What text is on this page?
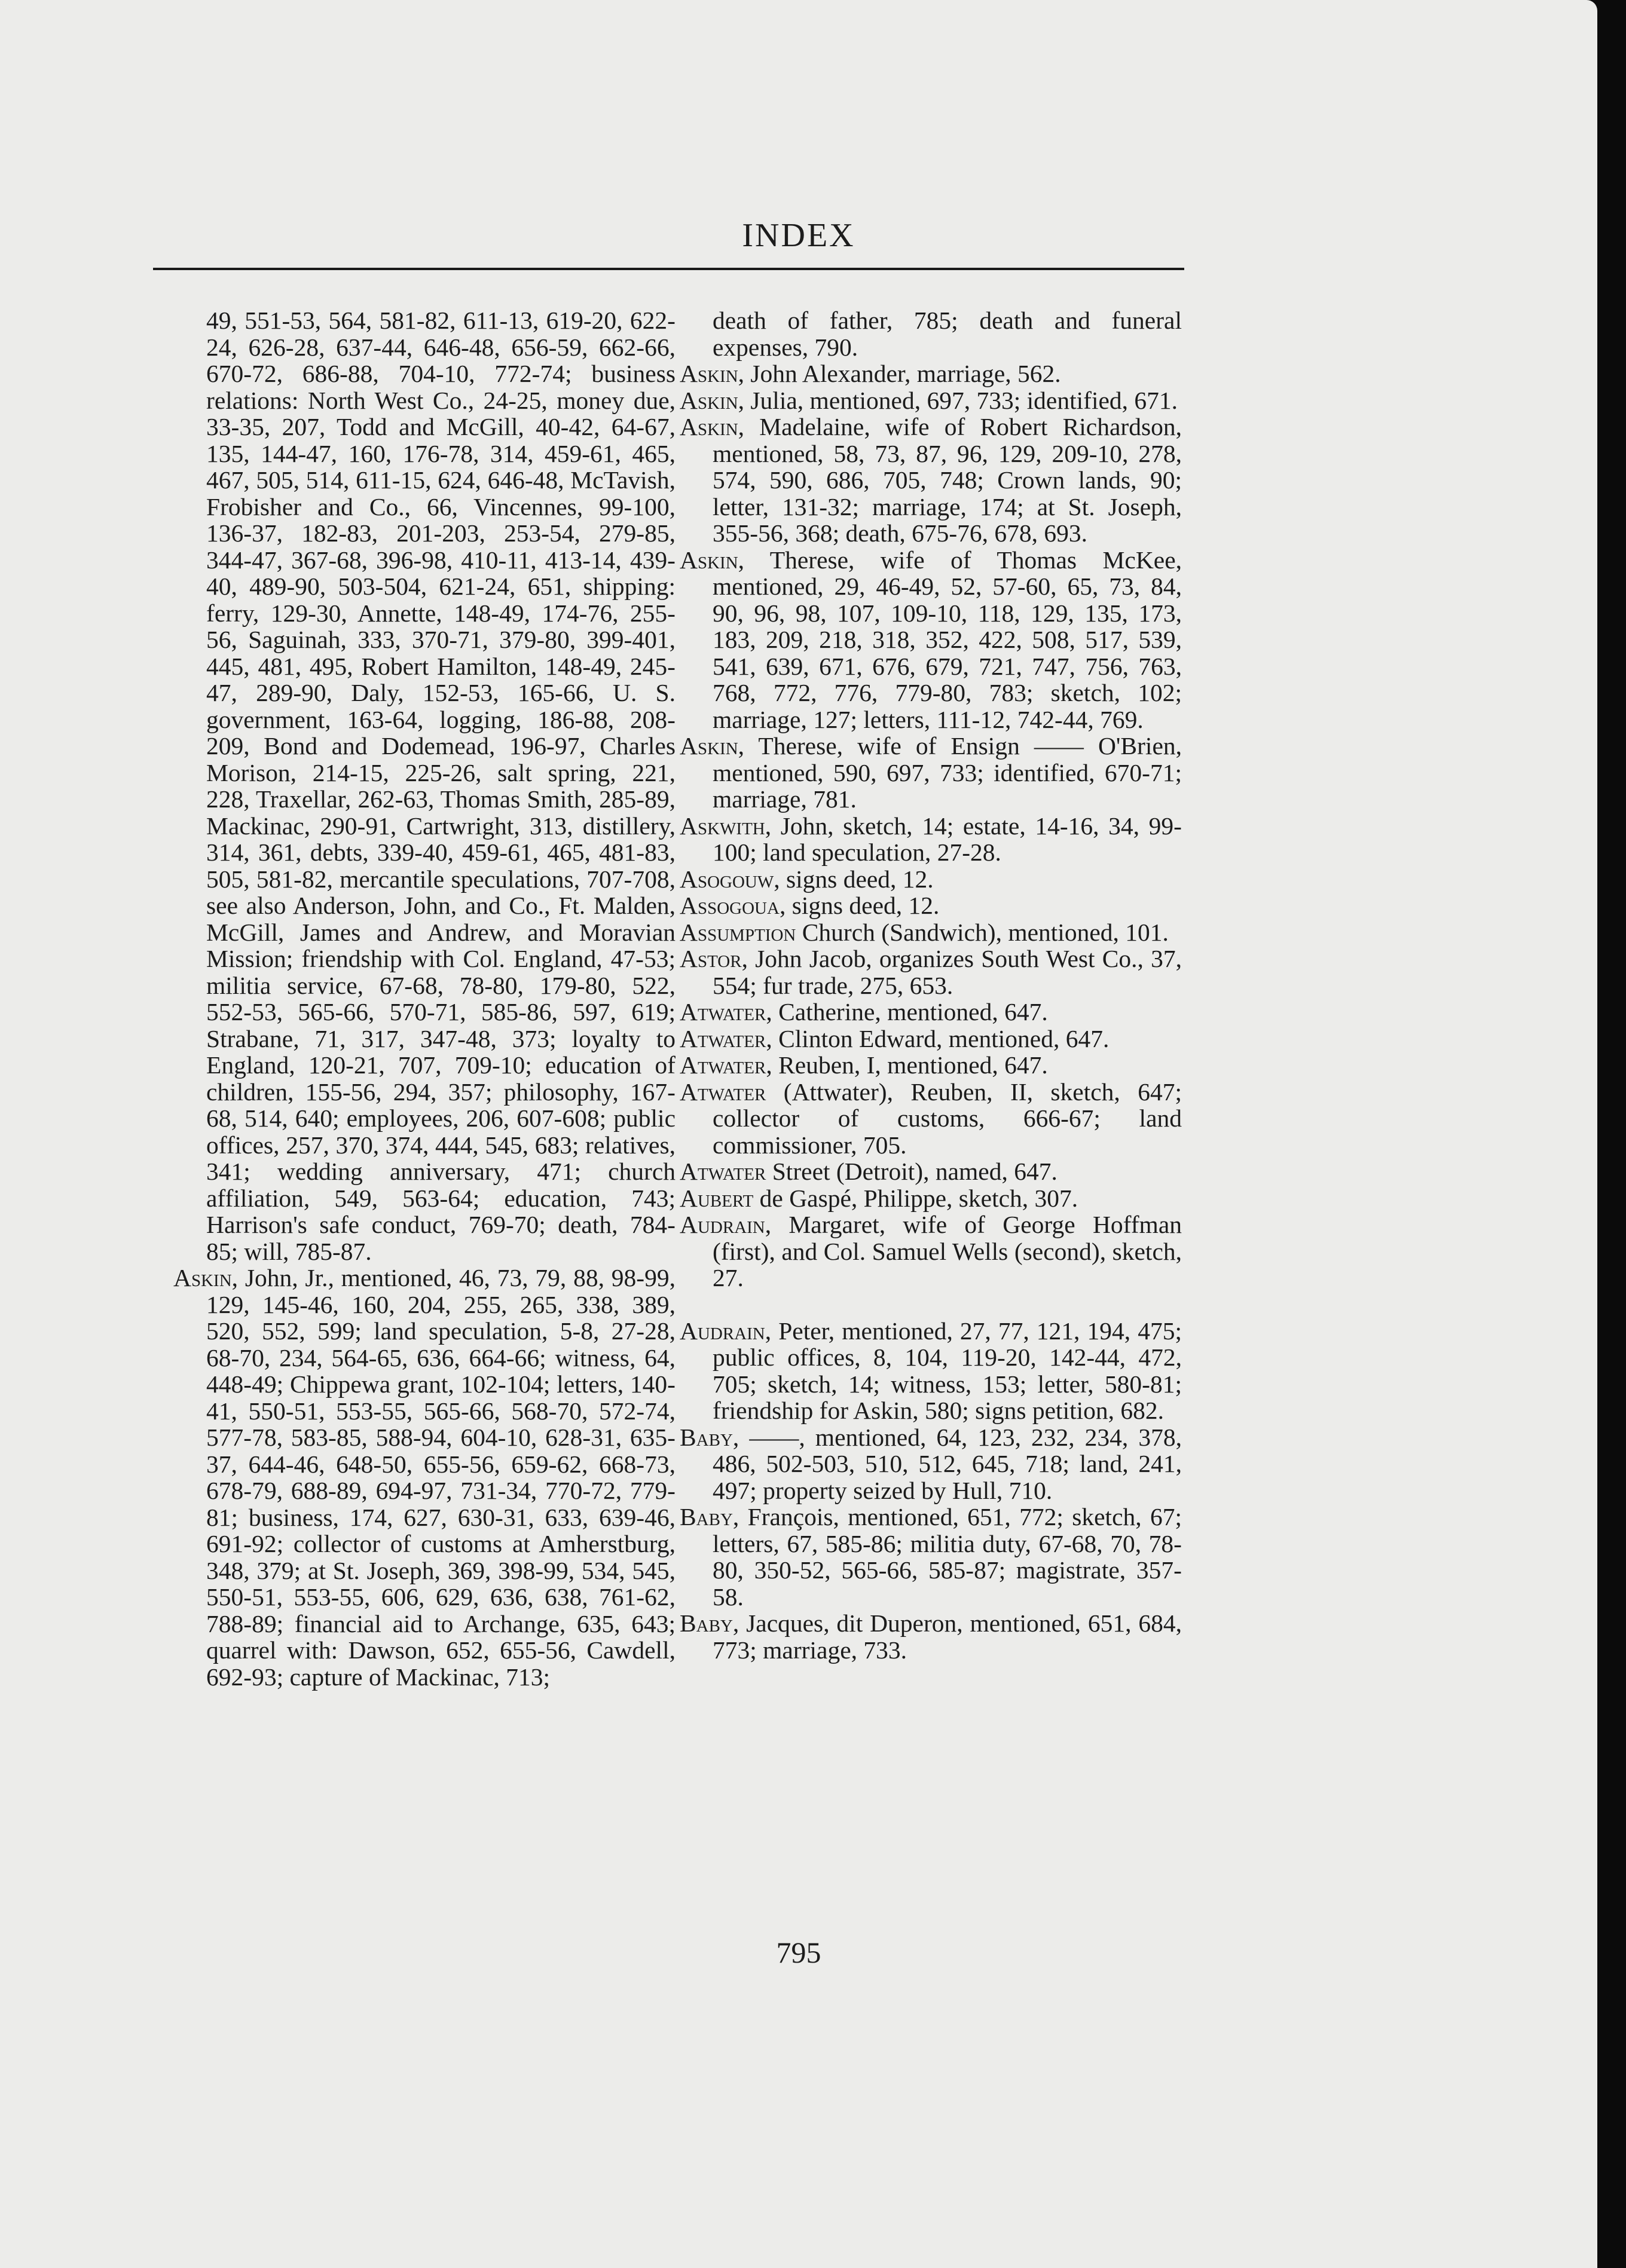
INDEX

49, 551-53, 564, 581-82, 611-13, 619-20, 622-24, 626-28, 637-44, 646-48, 656-59, 662-66, 670-72, 686-88, 704-10, 772-74; business relations: North West Co., 24-25, money due, 33-35, 207, Todd and McGill, 40-42, 64-67, 135, 144-47, 160, 176-78, 314, 459-61, 465, 467, 505, 514, 611-15, 624, 646-48, McTavish, Frobisher and Co., 66, Vincennes, 99-100, 136-37, 182-83, 201-203, 253-54, 279-85, 344-47, 367-68, 396-98, 410-11, 413-14, 439-40, 489-90, 503-504, 621-24, 651, shipping: ferry, 129-30, Annette, 148-49, 174-76, 255-56, Saguinah, 333, 370-71, 379-80, 399-401, 445, 481, 495, Robert Hamilton, 148-49, 245-47, 289-90, Daly, 152-53, 165-66, U. S. government, 163-64, logging, 186-88, 208-209, Bond and Dodemead, 196-97, Charles Morison, 214-15, 225-26, salt spring, 221, 228, Traxellar, 262-63, Thomas Smith, 285-89, Mackinac, 290-91, Cartwright, 313, distillery, 314, 361, debts, 339-40, 459-61, 465, 481-83, 505, 581-82, mercantile speculations, 707-708, see also Anderson, John, and Co., Ft. Malden, McGill, James and Andrew, and Moravian Mission; friendship with Col. England, 47-53; militia service, 67-68, 78-80, 179-80, 522, 552-53, 565-66, 570-71, 585-86, 597, 619; Strabane, 71, 317, 347-48, 373; loyalty to England, 120-21, 707, 709-10; education of children, 155-56, 294, 357; philosophy, 167-68, 514, 640; employees, 206, 607-608; public offices, 257, 370, 374, 444, 545, 683; relatives, 341; wedding anniversary, 471; church affiliation, 549, 563-64; education, 743; Harrison's safe conduct, 769-70; death, 784-85; will, 785-87.

Askin, John, Jr., mentioned, 46, 73, 79, 88, 98-99, 129, 145-46, 160, 204, 255, 265, 338, 389, 520, 552, 599; land speculation, 5-8, 27-28, 68-70, 234, 564-65, 636, 664-66; witness, 64, 448-49; Chippewa grant, 102-104; letters, 140-41, 550-51, 553-55, 565-66, 568-70, 572-74, 577-78, 583-85, 588-94, 604-10, 628-31, 635-37, 644-46, 648-50, 655-56, 659-62, 668-73, 678-79, 688-89, 694-97, 731-34, 770-72, 779-81; business, 174, 627, 630-31, 633, 639-46, 691-92; collector of customs at Amherstburg, 348, 379; at St. Joseph, 369, 398-99, 534, 545, 550-51, 553-55, 606, 629, 636, 638, 761-62, 788-89; financial aid to Archange, 635, 643; quarrel with: Dawson, 652, 655-56, Cawdell, 692-93; capture of Mackinac, 713;

death of father, 785; death and funeral expenses, 790.

Askin, John Alexander, marriage, 562.

Askin, Julia, mentioned, 697, 733; identified, 671.

Askin, Madelaine, wife of Robert Richardson, mentioned, 58, 73, 87, 96, 129, 209-10, 278, 574, 590, 686, 705, 748; Crown lands, 90; letter, 131-32; marriage, 174; at St. Joseph, 355-56, 368; death, 675-76, 678, 693.

Askin, Therese, wife of Thomas McKee, mentioned, 29, 46-49, 52, 57-60, 65, 73, 84, 90, 96, 98, 107, 109-10, 118, 129, 135, 173, 183, 209, 218, 318, 352, 422, 508, 517, 539, 541, 639, 671, 676, 679, 721, 747, 756, 763, 768, 772, 776, 779-80, 783; sketch, 102; marriage, 127; letters, 111-12, 742-44, 769.

Askin, Therese, wife of Ensign —— O'Brien, mentioned, 590, 697, 733; identified, 670-71; marriage, 781.

Askwith, John, sketch, 14; estate, 14-16, 34, 99-100; land speculation, 27-28.

Asogouw, signs deed, 12.

Assogoua, signs deed, 12.

Assumption Church (Sandwich), mentioned, 101.

Astor, John Jacob, organizes South West Co., 37, 554; fur trade, 275, 653.

Atwater, Catherine, mentioned, 647.

Atwater, Clinton Edward, mentioned, 647.

Atwater, Reuben, I, mentioned, 647.

Atwater (Attwater), Reuben, II, sketch, 647; collector of customs, 666-67; land commissioner, 705.

Atwater Street (Detroit), named, 647.

Aubert de Gaspé, Philippe, sketch, 307.

Audrain, Margaret, wife of George Hoffman (first), and Col. Samuel Wells (second), sketch, 27.

Audrain, Peter, mentioned, 27, 77, 121, 194, 475; public offices, 8, 104, 119-20, 142-44, 472, 705; sketch, 14; witness, 153; letter, 580-81; friendship for Askin, 580; signs petition, 682.

Baby, ——, mentioned, 64, 123, 232, 234, 378, 486, 502-503, 510, 512, 645, 718; land, 241, 497; property seized by Hull, 710.

Baby, François, mentioned, 651, 772; sketch, 67; letters, 67, 585-86; militia duty, 67-68, 70, 78-80, 350-52, 565-66, 585-87; magistrate, 357-58.

Baby, Jacques, dit Duperon, mentioned, 651, 684, 773; marriage, 733.

795
